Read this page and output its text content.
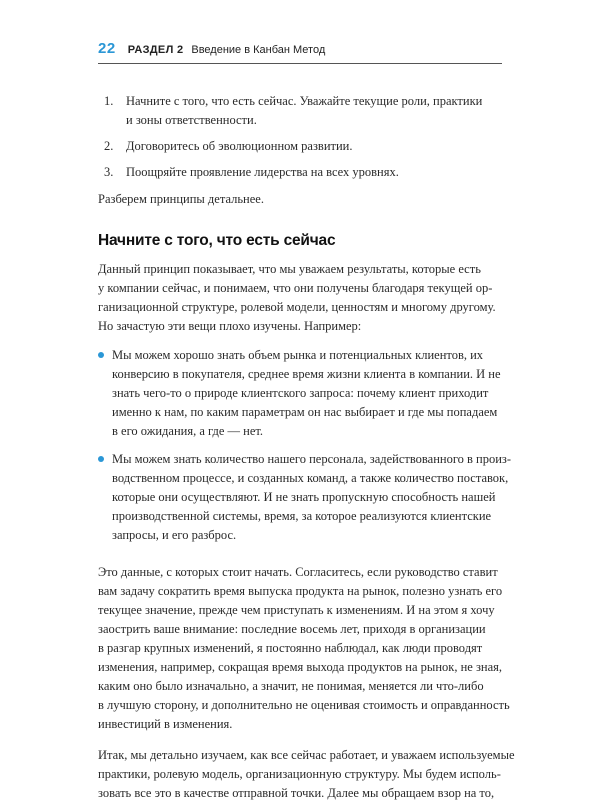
22 РАЗДЕЛ 2 Введение в Канбан Метод
1.	Начните с того, что есть сейчас. Уважайте текущие роли, практики
и зоны ответственности.
2.	Договоритесь об эволюционном развитии.
3.	Поощряйте проявление лидерства на всех уровнях.

Разберем принципы детальнее.

Начните с того, что есть сейчас

Данный принцип показывает, что мы уважаем результаты, которые есть
у компании сейчас, и понимаем, что они получены благодаря текущей ор-
ганизационной структуре, ролевой модели, ценностям и многому другому.
Но зачастую эти вещи плохо изучены. Например:

Мы можем хорошо знать объем рынка и потенциальных клиентов, их
конверсию в покупателя, среднее время жизни клиента в компании. И не
знать чего-то о природе клиентского запроса: почему клиент приходит
именно к нам, по каким параметрам он нас выбирает и где мы попадаем
в его ожидания, а где — нет.
Мы можем знать количество нашего персонала, задействованного в произ-
водственном процессе, и созданных команд, а также количество поставок,
которые они осуществляют. И не знать пропускную способность нашей
производственной системы, время, за которое реализуются клиентские
запросы, и его разброс.

Это данные, с которых стоит начать. Согласитесь, если руководство ставит
вам задачу сократить время выпуска продукта на рынок, полезно узнать его
текущее значение, прежде чем приступать к изменениям. И на этом я хочу
заострить ваше внимание: последние восемь лет, приходя в организации
в разгар крупных изменений, я постоянно наблюдал, как люди проводят
изменения, например, сокращая время выхода продуктов на рынок, не зная,
каким оно было изначально, а значит, не понимая, меняется ли что-либо
в лучшую сторону, и дополнительно не оценивая стоимость и оправданность
инвестиций в изменения.

Итак, мы детально изучаем, как все сейчас работает, и уважаем используемые
практики, ролевую модель, организационную структуру. Мы будем исполь-
зовать все это в качестве отправной точки. Далее мы обращаем взор на то,
